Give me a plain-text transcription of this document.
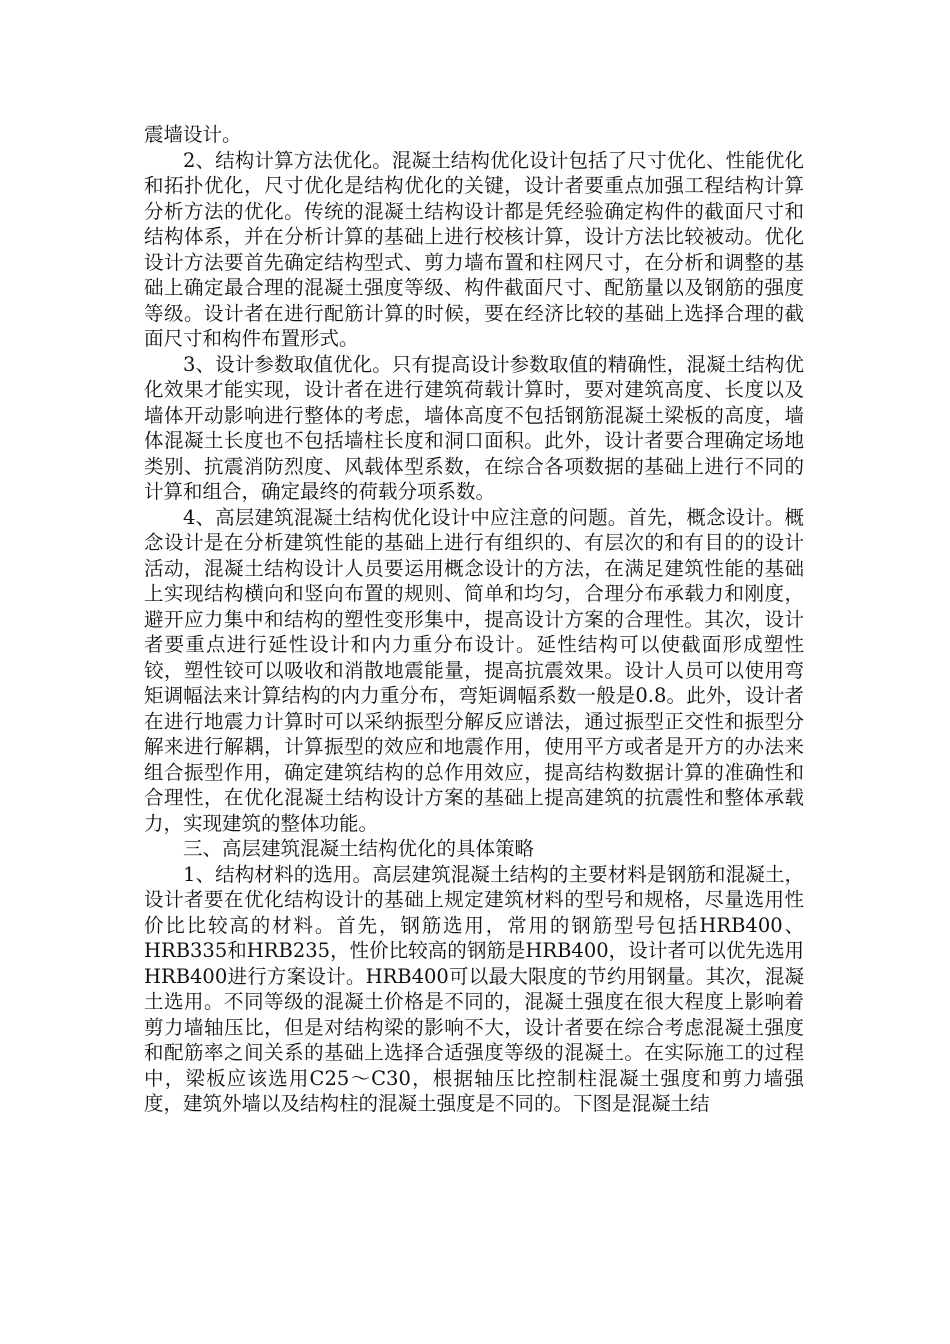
震墙设计。

2、结构计算方法优化。混凝土结构优化设计包括了尺寸优化、性能优化和拓扑优化，尺寸优化是结构优化的关键，设计者要重点加强工程结构计算分析方法的优化。传统的混凝土结构设计都是凭经验确定构件的截面尺寸和结构体系，并在分析计算的基础上进行校核计算，设计方法比较被动。优化设计方法要首先确定结构型式、剪力墙布置和柱网尺寸，在分析和调整的基础上确定最合理的混凝土强度等级、构件截面尺寸、配筋量以及钢筋的强度等级。设计者在进行配筋计算的时候，要在经济比较的基础上选择合理的截面尺寸和构件布置形式。

3、设计参数取值优化。只有提高设计参数取值的精确性，混凝土结构优化效果才能实现，设计者在进行建筑荷载计算时，要对建筑高度、长度以及墙体开动影响进行整体的考虑，墙体高度不包括钢筋混凝土梁板的高度，墙体混凝土长度也不包括墙柱长度和洞口面积。此外，设计者要合理确定场地类别、抗震消防烈度、风载体型系数，在综合各项数据的基础上进行不同的计算和组合，确定最终的荷载分项系数。

4、高层建筑混凝土结构优化设计中应注意的问题。首先，概念设计。概念设计是在分析建筑性能的基础上进行有组织的、有层次的和有目的的设计活动，混凝土结构设计人员要运用概念设计的方法，在满足建筑性能的基础上实现结构横向和竖向布置的规则、简单和均匀，合理分布承载力和刚度，避开应力集中和结构的塑性变形集中，提高设计方案的合理性。其次，设计者要重点进行延性设计和内力重分布设计。延性结构可以使截面形成塑性铰，塑性铰可以吸收和消散地震能量，提高抗震效果。设计人员可以使用弯矩调幅法来计算结构的内力重分布，弯矩调幅系数一般是0.8。此外，设计者在进行地震力计算时可以采纳振型分解反应谱法，通过振型正交性和振型分解来进行解耦，计算振型的效应和地震作用，使用平方或者是开方的办法来组合振型作用，确定建筑结构的总作用效应，提高结构数据计算的准确性和合理性，在优化混凝土结构设计方案的基础上提高建筑的抗震性和整体承载力，实现建筑的整体功能。

三、高层建筑混凝土结构优化的具体策略

1、结构材料的选用。高层建筑混凝土结构的主要材料是钢筋和混凝土，设计者要在优化结构设计的基础上规定建筑材料的型号和规格，尽量选用性价比比较高的材料。首先，钢筋选用，常用的钢筋型号包括HRB400、HRB335和HRB235，性价比较高的钢筋是HRB400，设计者可以优先选用HRB400进行方案设计。HRB400可以最大限度的节约用钢量。其次，混凝土选用。不同等级的混凝土价格是不同的，混凝土强度在很大程度上影响着剪力墙轴压比，但是对结构梁的影响不大，设计者要在综合考虑混凝土强度和配筋率之间关系的基础上选择合适强度等级的混凝土。在实际施工的过程中，梁板应该选用C25～C30，根据轴压比控制柱混凝土强度和剪力墙强度，建筑外墙以及结构柱的混凝土强度是不同的。下图是混凝土结
